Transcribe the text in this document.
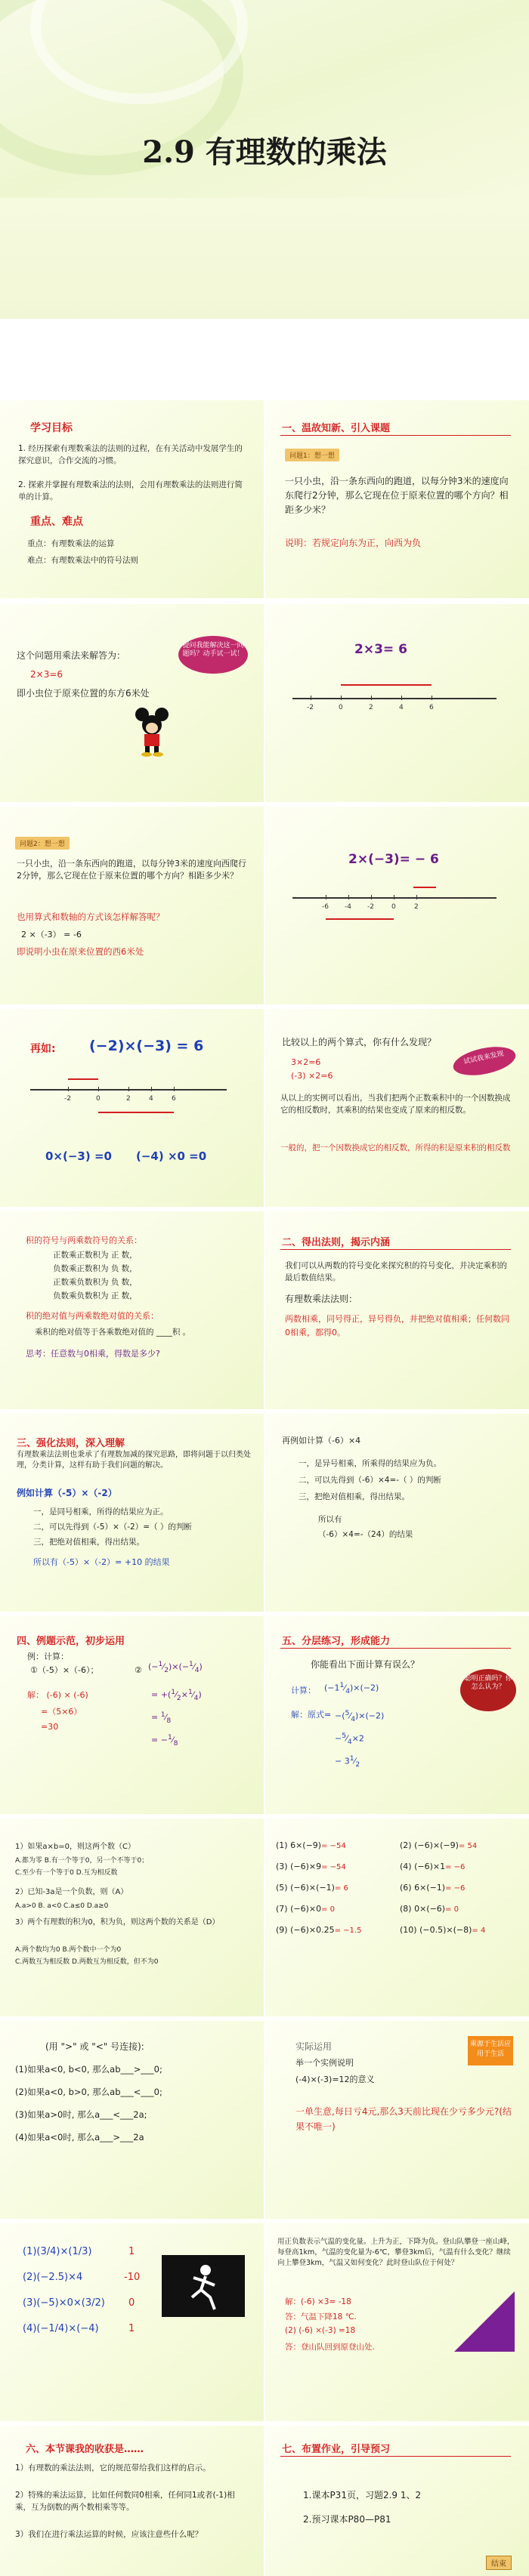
2.9 有理数的乘法
学习目标
1. 经历探索有理数乘法的法则的过程，在有关活动中发展学生的探究意识，合作交流的习惯。
2. 探索并掌握有理数乘法的法则，会用有理数乘法的法则进行简单的计算。
重点、难点
重点：有理数乘法的运算
难点：有理数乘法中的符号法则
一、温故知新、引入课题
问题1：想一想
一只小虫，沿一条东西向的跑道，以每分钟3米的速度向东爬行2分钟，那么它现在位于原来位置的哪个方向？相距多少米？
说明：若规定向东为正，向西为负
这个问题用乘法来解答为：
2×3=6
即小虫位于原来位置的东方6米处
提问我能解决这一问题吗？动手试一试！	2×3= 6
-2	0	2	4	6
问题2：想一想
一只小虫，沿一条东西向的跑道，以每分钟3米的速度向西爬行2分钟，那么它现在位于原来位置的哪个方向？相距多少米？
也用算式和数轴的方式该怎样解答呢？
2 ×（-3） = -6
即说明小虫在原来位置的西6米处
2×(−3)= − 6
-6 -4 -2	0	2
再如: (−2)×(−3) = 6
-2	0	2	4	6
0×(−3) =0 (−4) ×0 =0
比较以上的两个算式，你有什么发现？
3×2=6
(-3) ×2=6
试试我来发现
从以上的实例可以看出，当我们把两个正数乘积中的一个因数换成它的相反数时，其乘积的结果也变成了原来的相反数。
一般的，把一个因数换成它的相反数，所得的积是原来积的相反数
积的符号与两乘数符号的关系：
正数乘正数积为 正 数，
负数乘正数积为 负 数，
正数乘负数积为 负 数，
负数乘负数积为 正 数，
积的绝对值与两乘数绝对值的关系：
乘积的绝对值等于各乘数绝对值的 ____积 。
思考：任意数与0相乘，得数是多少?
二、得出法则，揭示内涵
我们可以从两数的符号变化来探究积的符号变化，并决定乘积的最后数值结果。
有理数乘法法则：
两数相乘，同号得正，异号得负，并把绝对值相乘；任何数同0相乘，都得0。
三、强化法则，深入理解
有理数乘法法则也秉承了有理数加减的探究思路，即将问题于以归类处理，分类计算，这样有助于我们问题的解决。
例如计算（-5）×（-2）
一，是同号相乘，所得的结果应为正。
二，可以先得到（-5）×（-2）=（ ）的判断
三，把绝对值相乘，得出结果。
所以有（-5）×（-2）= +10 的结果
再例如计算（-6）×4
一，是异号相乘，所乘得的结果应为负。
二，可以先得到（-6）×4=-（ ）的判断
三，把绝对值相乘，得出结果。
所以有
（-6）×4=-（24）的结果
四、例题示范，初步运用
例：计算：
①（-5）×（-6）；	② $(-^1⁄_2)\times(-^1⁄_4)$
解： (-6) × (-6)
=（5×6）
=30
= $+(^1⁄_2\times^1⁄_4)$
= $^1⁄_8$
= $-^1⁄_8$
五、分层练习，形成能力
你能看出下面计算有误么？
计算： $(-1^1⁄_4)\times(-2)$
解：原式= $-(^5⁄_4)\times(-2)$
$-^5⁄_4\times 2$
− $3^1⁄_2$
聪明正确吗？你怎么认为？
1）如果a×b=0，则这两个数（C）
A.都为零 B.有一个等于0，另一个不等于0；
C.至少有一个等于0 D.互为相反数
2）已知-3a是一个负数，则（A）
A.a>0 B. a<0 C.a≤0 D.a≥0
3）两个有理数的积为0，积为负，则这两个数的关系是（D）
A.两个数均为0 B.两个数中一个为0
C.两数互为相反数 D.两数互为相反数，但不为0
(1) 6×(−9)= −54	(2) (−6)×(−9)= 54
(3) (−6)×9= −54	(4) (−6)×1= −6
(5) (−6)×(−1)= 6	(6) 6×(−1)= −6
(7) (−6)×0= 0	(8) 0×(−6)= 0
(9) (−6)×0.25= −1.5	(10) (−0.5)×(−8)= 4
(用 ">" 或 "<" 号连接):
(1)如果a<0, b<0, 那么ab___>___0;
(2)如果a<0, b>0, 那么ab___<___0;
(3)如果a>0时, 那么a___<___2a;
(4)如果a<0时, 那么a___>___2a
实际运用
举一个实例说明
(-4)×(-3)=12的意义
乘源于生活应用于生活
一单生意,每日亏4元,那么3天前比现在少亏多少元?(结果不唯一)
(1)(3/4)×(1/3)	1
(2)(−2.5)×4	-10
(3)(−5)×0×(3/2) 0
(4)(−1/4)×(−4)	1
用正负数表示气温的变化量。上升为正，下降为负。登山队攀登一座山峰，每登高1km，气温的变化量为-6℃，攀登3km后，气温有什么变化？继续向上攀登3km，气温又如何变化？此时登山队位于何处？
解：(-6) ×3= -18
答：气温下降18 ℃.
(2) (-6) ×(-3) =18
答：登山队回到原登山处.
六、本节课我的收获是……
1）有理数的乘法法则，它的规范带给我们这样的启示。
2）特殊的乘法运算，比如任何数同0相乘，任何同1或者(-1)相乘，互为倒数的两个数相乘等等。
3）我们在进行乘法运算的时候，应该注意些什么呢？
七、布置作业，引导预习
1.课本P31页，习题2.9 1、2
2.预习课本P80—P81
结束
